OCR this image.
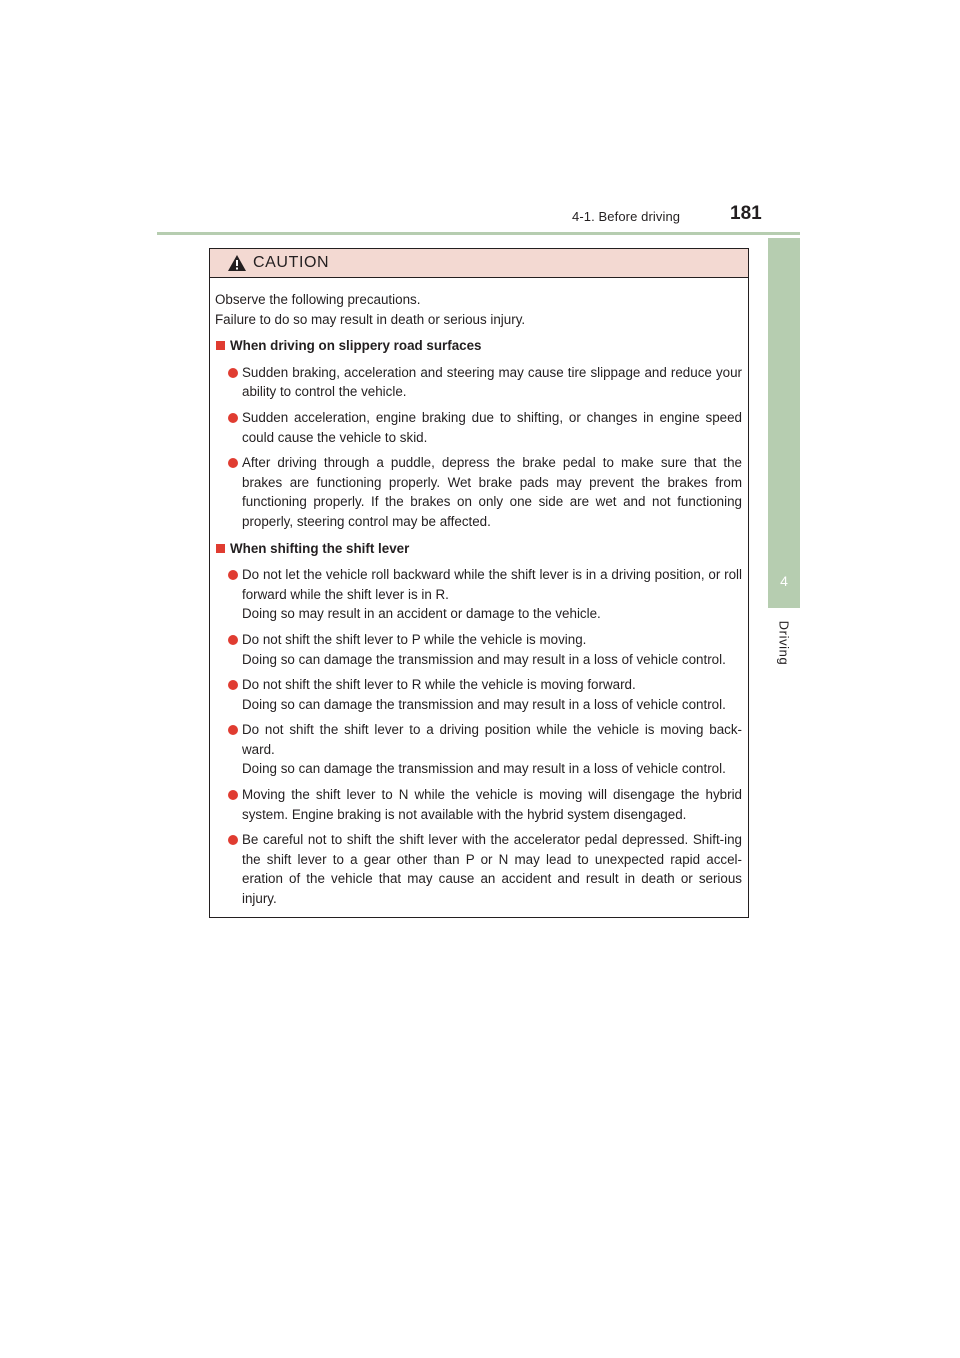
4-1. Before driving	181
4
Driving
CAUTION

Observe the following precautions.

Failure to do so may result in death or serious injury.

When driving on slippery road surfaces

Sudden braking, acceleration and steering may cause tire slippage and reduce your ability to control the vehicle.

Sudden acceleration, engine braking due to shifting, or changes in engine speed could cause the vehicle to skid.

After driving through a puddle, depress the brake pedal to make sure that the brakes are functioning properly. Wet brake pads may prevent the brakes from functioning properly. If the brakes on only one side are wet and not functioning properly, steering control may be affected.

When shifting the shift lever

Do not let the vehicle roll backward while the shift lever is in a driving position, or roll forward while the shift lever is in R.

Doing so may result in an accident or damage to the vehicle.

Do not shift the shift lever to P while the vehicle is moving.

Doing so can damage the transmission and may result in a loss of vehicle control.

Do not shift the shift lever to R while the vehicle is moving forward.

Doing so can damage the transmission and may result in a loss of vehicle control.

Do not shift the shift lever to a driving position while the vehicle is moving back-ward.

Doing so can damage the transmission and may result in a loss of vehicle control.

Moving the shift lever to N while the vehicle is moving will disengage the hybrid system. Engine braking is not available with the hybrid system disengaged.

Be careful not to shift the shift lever with the accelerator pedal depressed. Shift-ing the shift lever to a gear other than P or N may lead to unexpected rapid accel-eration of the vehicle that may cause an accident and result in death or serious injury.
